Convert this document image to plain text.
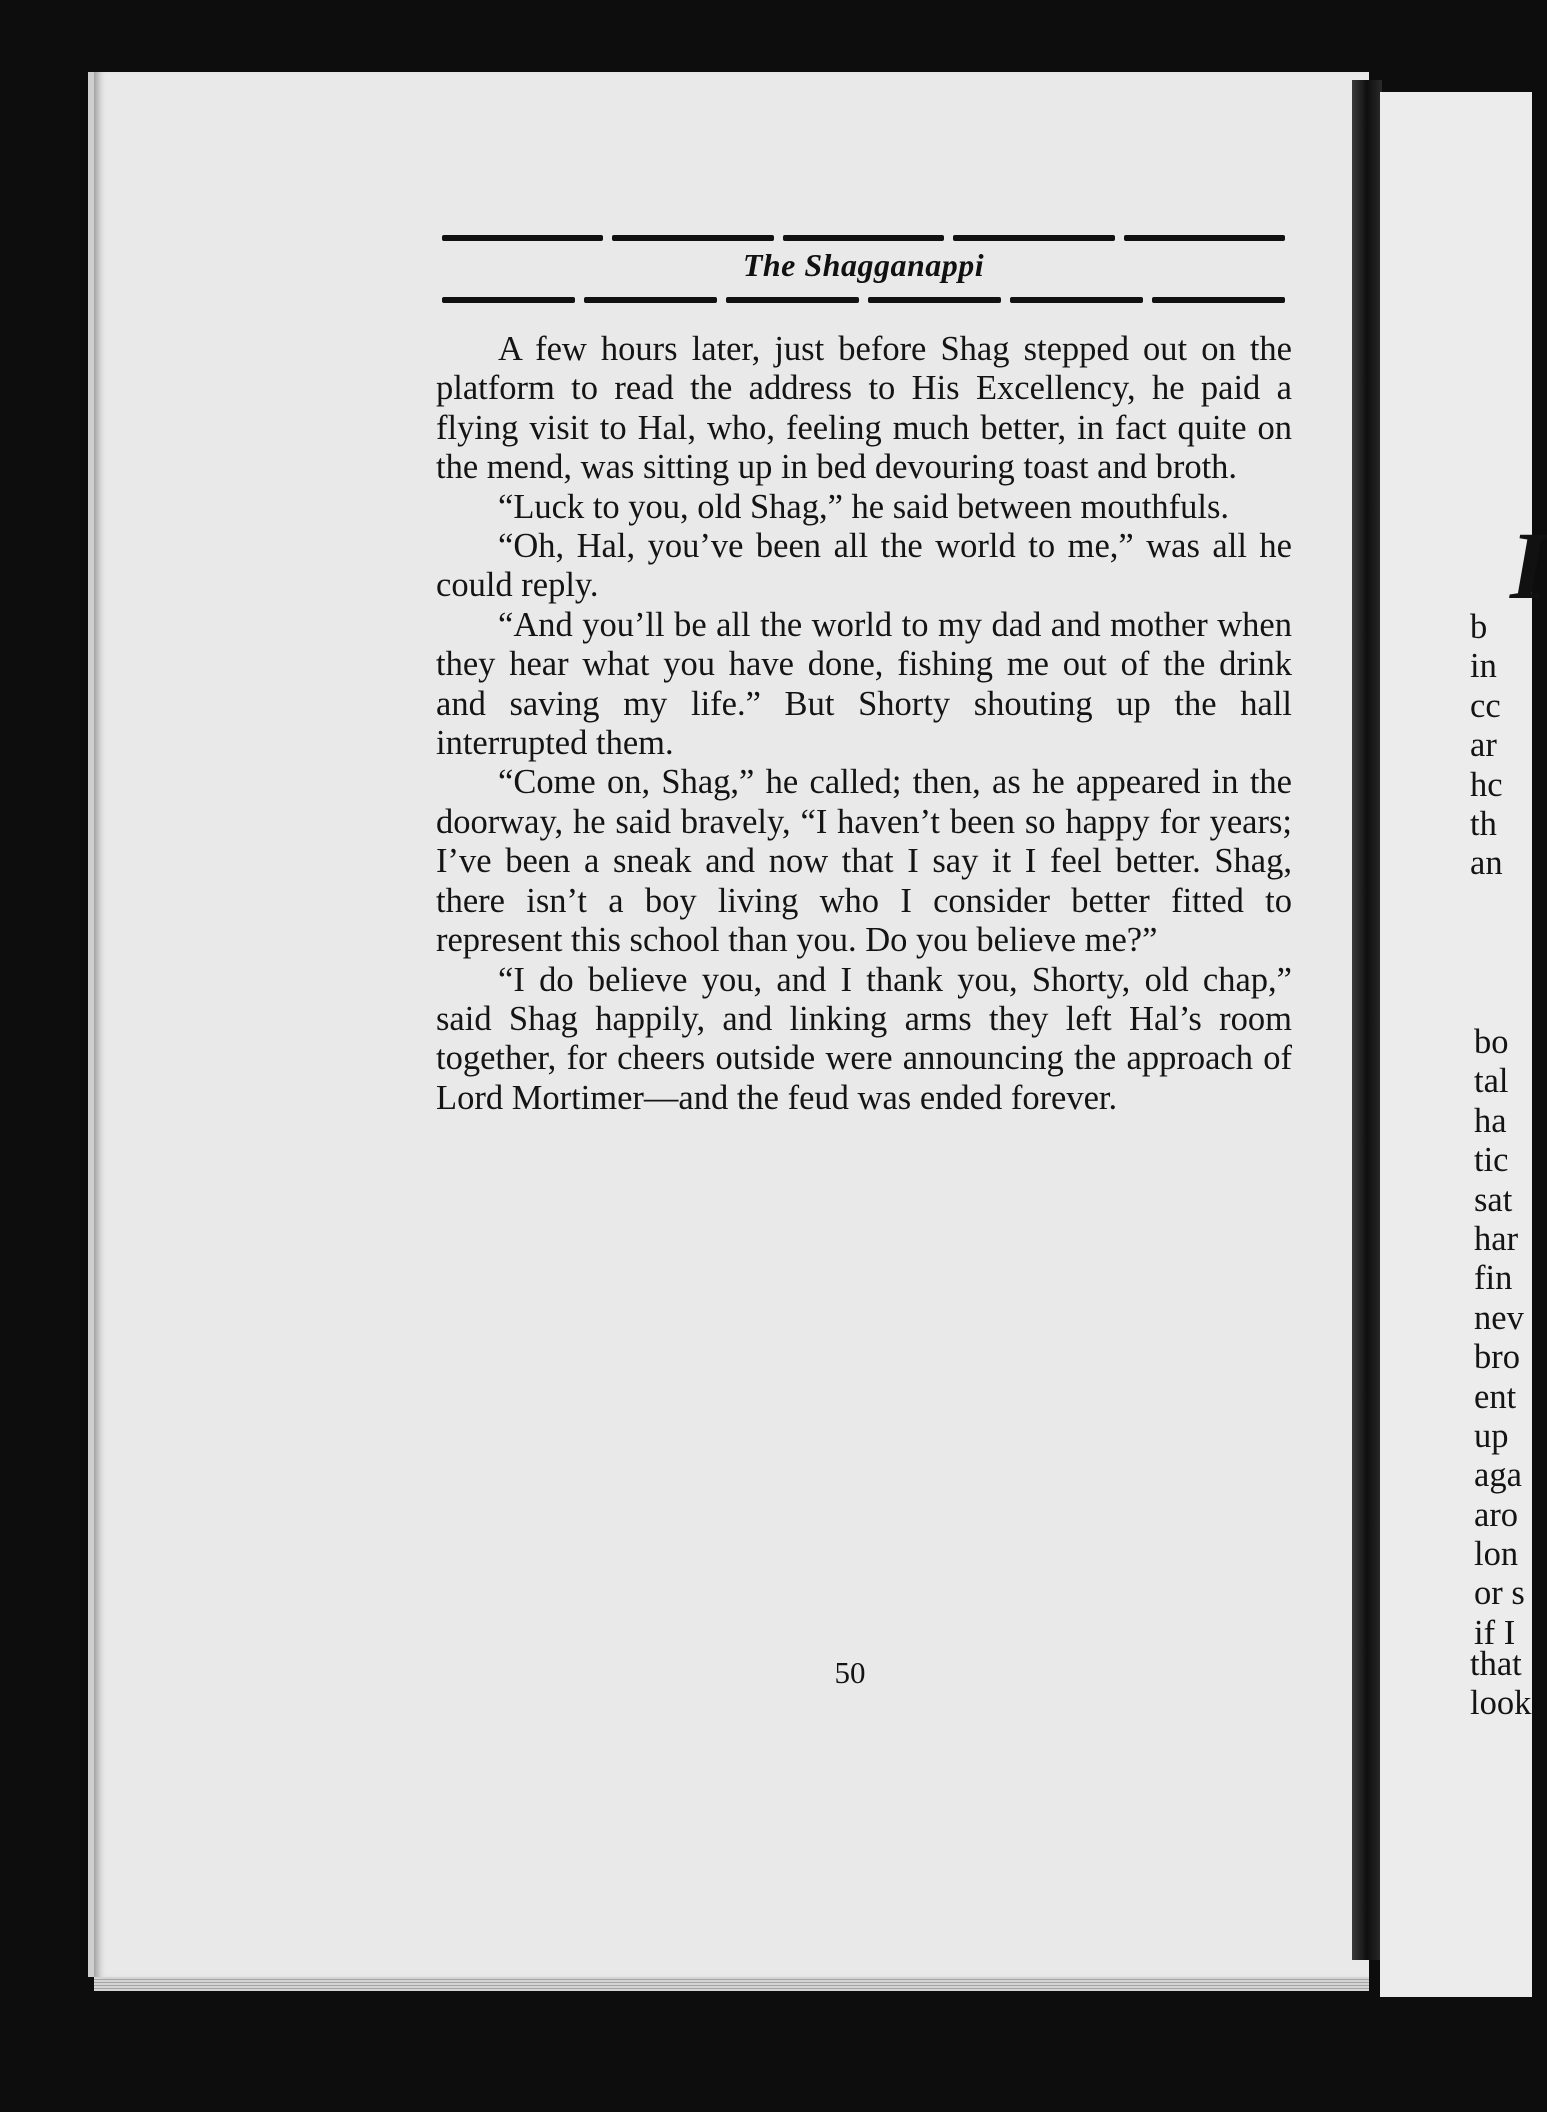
The Shagganappi

A few hours later, just before Shag stepped out on the platform to read the address to His Excellency, he paid a flying visit to Hal, who, feeling much better, in fact quite on the mend, was sitting up in bed devouring toast and broth.

“Luck to you, old Shag,” he said between mouthfuls.

“Oh, Hal, you’ve been all the world to me,” was all he could reply.

“And you’ll be all the world to my dad and mother when they hear what you have done, fishing me out of the drink and saving my life.” But Shorty shouting up the hall interrupted them.

“Come on, Shag,” he called; then, as he appeared in the doorway, he said bravely, “I haven’t been so happy for years; I’ve been a sneak and now that I say it I feel better. Shag, there isn’t a boy living who I consider better fitted to represent this school than you. Do you believe me?”

“I do believe you, and I thank you, Shorty, old chap,” said Shag happily, and linking arms they left Hal’s room together, for cheers outside were announcing the approach of Lord Mortimer—and the feud was ended forever.

50
I
b
in
cc
ar
hc
th
an
bo
tal
ha
tic
sat
har
fin
nev
bro
ent
up
aga
aro
lon
or s
if I
that
look
